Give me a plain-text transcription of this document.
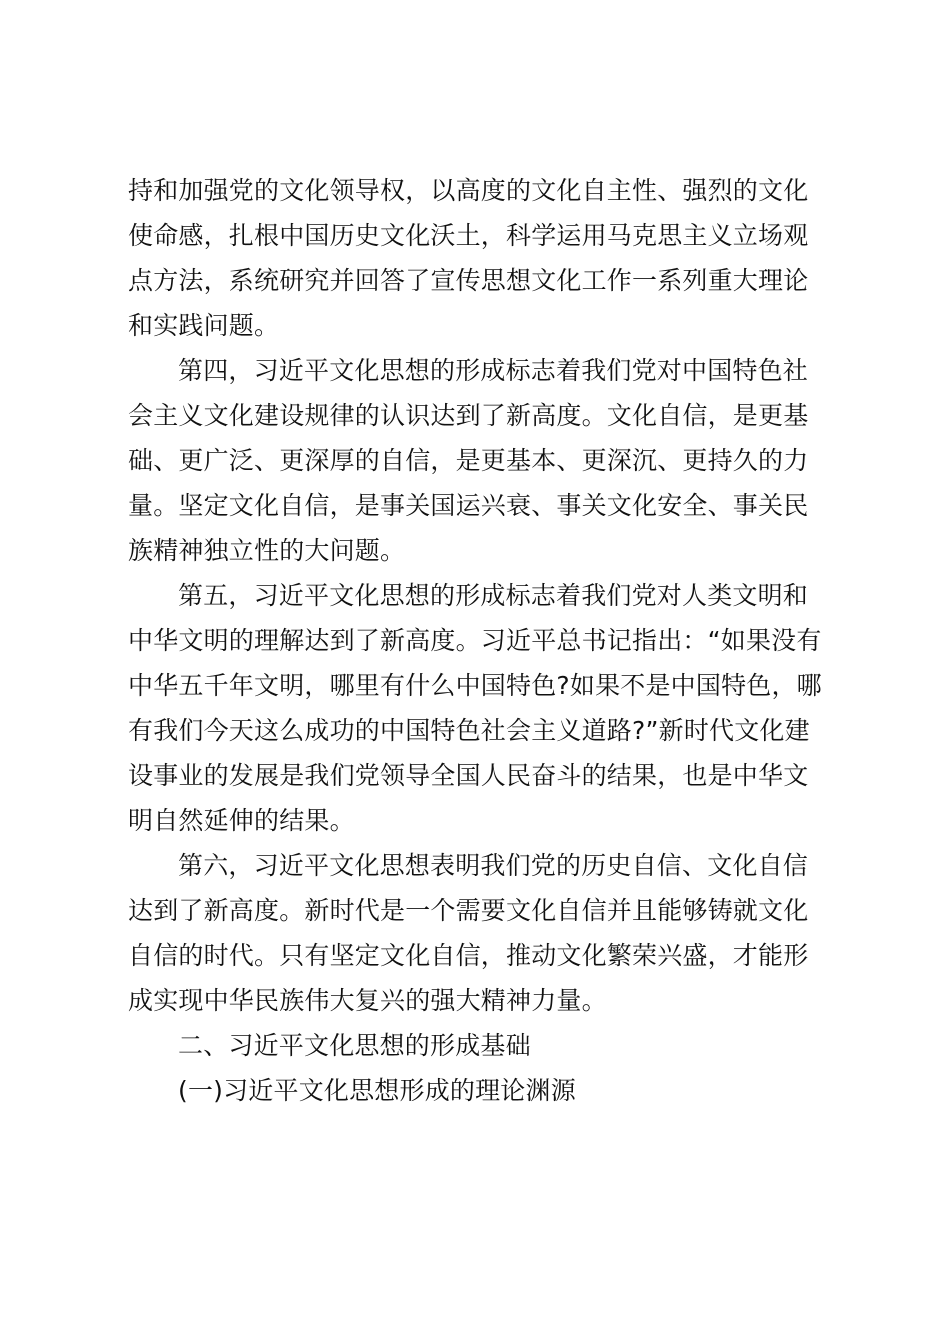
持和加强党的文化领导权，以高度的文化自主性、强烈的文化
使命感，扎根中国历史文化沃土，科学运用马克思主义立场观
点方法，系统研究并回答了宣传思想文化工作一系列重大理论
和实践问题。
第四，习近平文化思想的形成标志着我们党对中国特色社
会主义文化建设规律的认识达到了新高度。文化自信，是更基
础、更广泛、更深厚的自信，是更基本、更深沉、更持久的力
量。坚定文化自信，是事关国运兴衰、事关文化安全、事关民
族精神独立性的大问题。
第五，习近平文化思想的形成标志着我们党对人类文明和
中华文明的理解达到了新高度。习近平总书记指出：“如果没有
中华五千年文明，哪里有什么中国特色?如果不是中国特色，哪
有我们今天这么成功的中国特色社会主义道路?”新时代文化建
设事业的发展是我们党领导全国人民奋斗的结果，也是中华文
明自然延伸的结果。
第六，习近平文化思想表明我们党的历史自信、文化自信
达到了新高度。新时代是一个需要文化自信并且能够铸就文化
自信的时代。只有坚定文化自信，推动文化繁荣兴盛，才能形
成实现中华民族伟大复兴的强大精神力量。
二、习近平文化思想的形成基础
(一)习近平文化思想形成的理论渊源
